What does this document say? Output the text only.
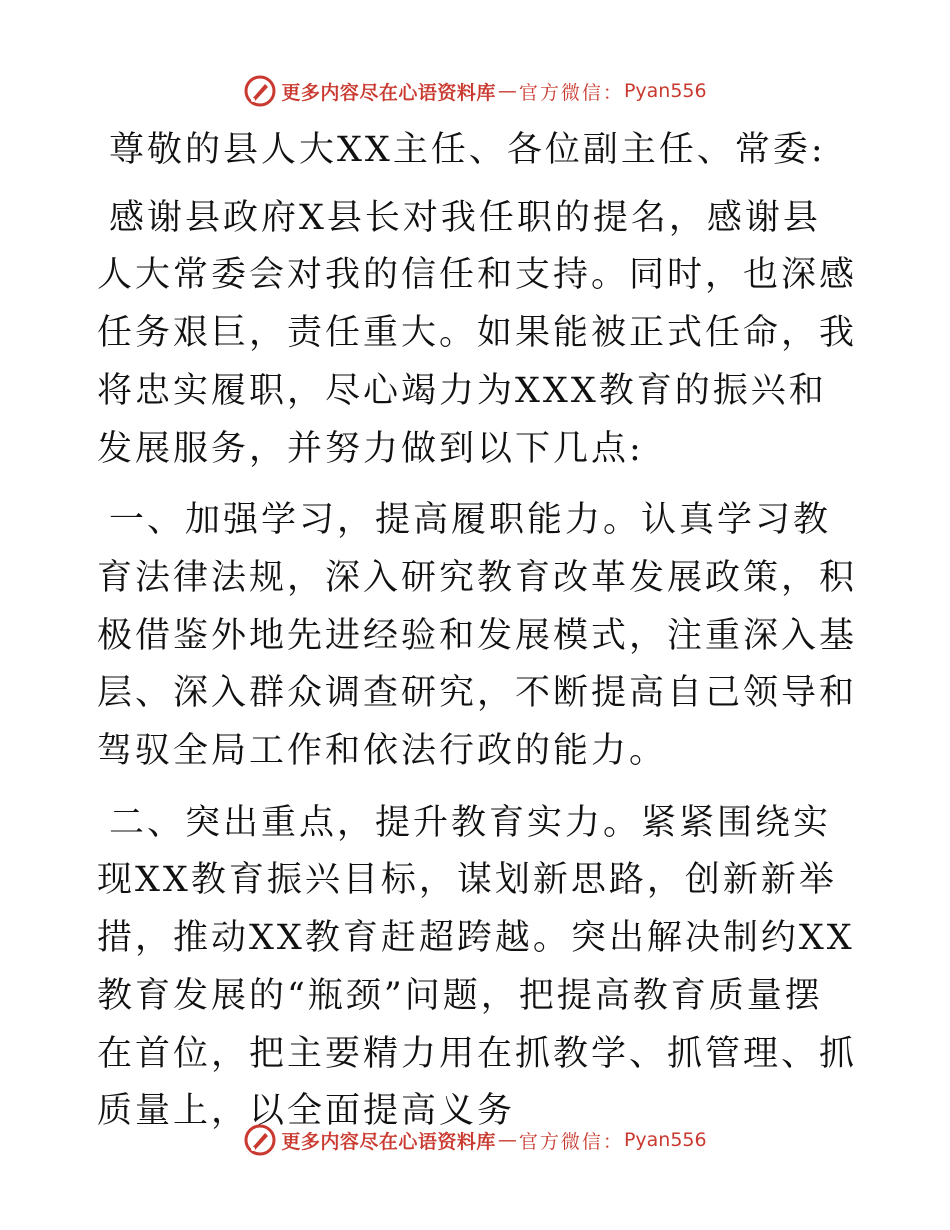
更多内容尽在心语资料库 — 官方微信： Pyan556

尊敬的县人大XX主任、各位副主任、常委:

感谢县政府X县长对我任职的提名，感谢县人大常委会对我的信任和支持。同时，也深感任务艰巨，责任重大。如果能被正式任命，我将忠实履职，尽心竭力为XXX教育的振兴和发展服务，并努力做到以下几点:

一、加强学习，提高履职能力。认真学习教育法律法规，深入研究教育改革发展政策，积极借鉴外地先进经验和发展模式，注重深入基层、深入群众调查研究，不断提高自己领导和驾驭全局工作和依法行政的能力。

二、突出重点，提升教育实力。紧紧围绕实现XX教育振兴目标，谋划新思路，创新新举措，推动XX教育赶超跨越。突出解决制约XX教育发展的“瓶颈”问题，把提高教育质量摆在首位，把主要精力用在抓教学、抓管理、抓质量上，以全面提高义务

更多内容尽在心语资料库 — 官方微信： Pyan556
